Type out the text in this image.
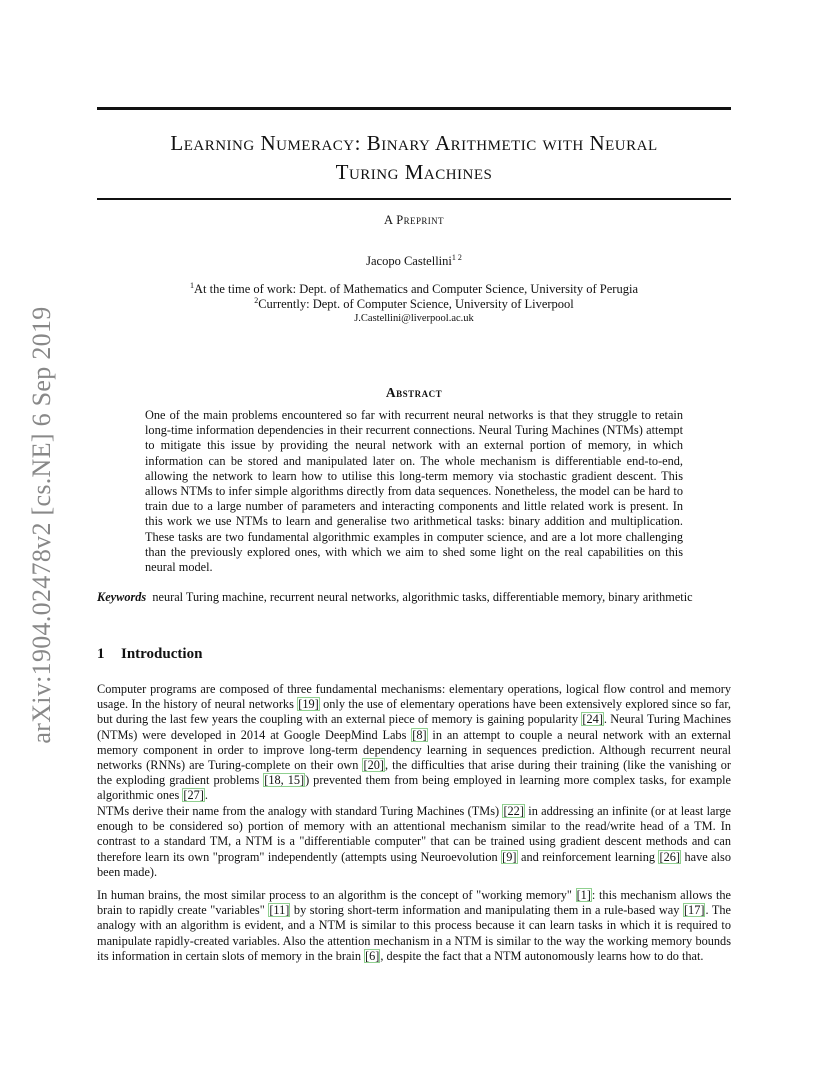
arXiv:1904.02478v2 [cs.NE] 6 Sep 2019
Learning Numeracy: Binary Arithmetic with Neural
Turing Machines
A Preprint
Jacopo Castellini$^{1 2}$
$^1$At the time of work: Dept. of Mathematics and Computer Science, University of Perugia
$^2$Currently: Dept. of Computer Science, University of Liverpool
J.Castellini@liverpool.ac.uk
Abstract
One of the main problems encountered so far with recurrent neural networks is that they struggle to retain long-time information dependencies in their recurrent connections. Neural Turing Machines (NTMs) attempt to mitigate this issue by providing the neural network with an external portion of memory, in which information can be stored and manipulated later on. The whole mechanism is differentiable end-to-end, allowing the network to learn how to utilise this long-term memory via stochastic gradient descent. This allows NTMs to infer simple algorithms directly from data sequences. Nonetheless, the model can be hard to train due to a large number of parameters and interacting components and little related work is present. In this work we use NTMs to learn and generalise two arithmetical tasks: binary addition and multiplication. These tasks are two fundamental algorithmic examples in computer science, and are a lot more challenging than the previously explored ones, with which we aim to shed some light on the real capabilities on this neural model.
Keywords neural Turing machine, recurrent neural networks, algorithmic tasks, differentiable memory, binary arithmetic
1 Introduction
Computer programs are composed of three fundamental mechanisms: elementary operations, logical flow control and memory usage. In the history of neural networks [19] only the use of elementary operations have been extensively explored since so far, but during the last few years the coupling with an external piece of memory is gaining popularity [24]. Neural Turing Machines (NTMs) were developed in 2014 at Google DeepMind Labs [8] in an attempt to couple a neural network with an external memory component in order to improve long-term dependency learning in sequences prediction. Although recurrent neural networks (RNNs) are Turing-complete on their own [20], the difficulties that arise during their training (like the vanishing or the exploding gradient problems [18, 15]) prevented them from being employed in learning more complex tasks, for example algorithmic ones [27].
NTMs derive their name from the analogy with standard Turing Machines (TMs) [22] in addressing an infinite (or at least large enough to be considered so) portion of memory with an attentional mechanism similar to the read/write head of a TM. In contrast to a standard TM, a NTM is a "differentiable computer" that can be trained using gradient descent methods and can therefore learn its own "program" independently (attempts using Neuroevolution [9] and reinforcement learning [26] have also been made).
In human brains, the most similar process to an algorithm is the concept of "working memory" [1]: this mechanism allows the brain to rapidly create "variables" [11] by storing short-term information and manipulating them in a rule-based way [17]. The analogy with an algorithm is evident, and a NTM is similar to this process because it can learn tasks in which it is required to manipulate rapidly-created variables. Also the attention mechanism in a NTM is similar to the way the working memory bounds its information in certain slots of memory in the brain [6], despite the fact that a NTM autonomously learns how to do that.
